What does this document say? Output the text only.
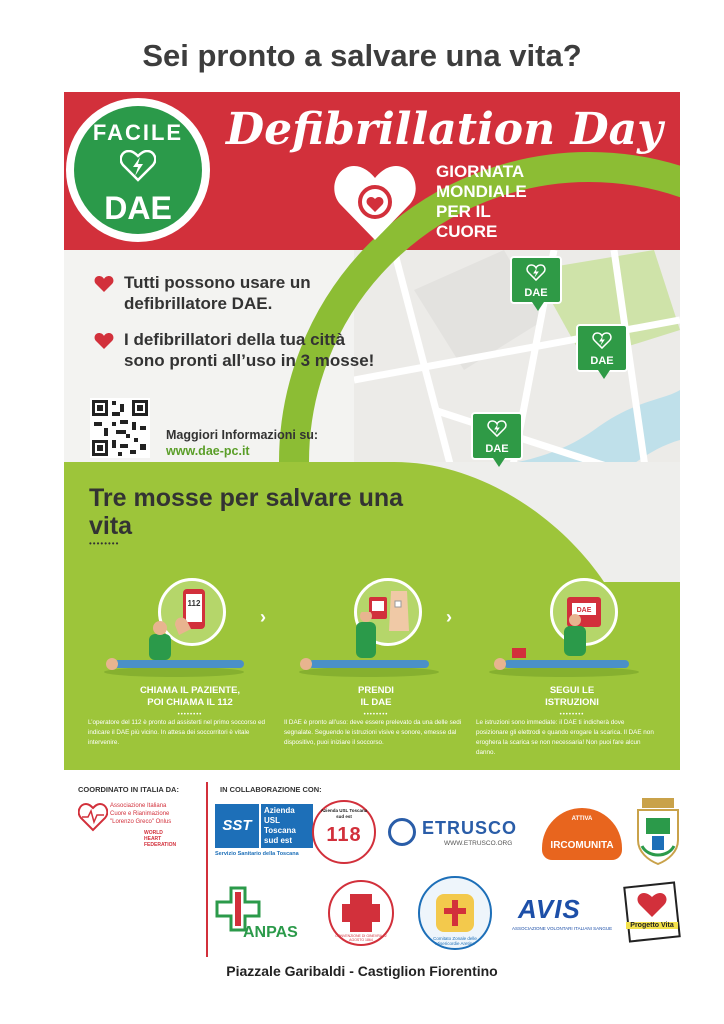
Sei pronto a salvare una vita?
FACILE
DAE
Defibrillation Day
GIORNATA
MONDIALE
PER IL
CUORE
Tutti possono usare un defibrillatore DAE.
I defibrillatori della tua città sono pronti all’uso in 3 mosse!
Maggiori Informazioni su:
www.dae-pc.it
DAE
DAE
DAE
Tre mosse per salvare una vita
••••••••
112
DAE
›	›
CHIAMA IL PAZIENTE,
POI CHIAMA IL 112
••••••••
L’operatore del 112 è pronto ad assisterti nel primo soccorso ed indicare il DAE più vicino. In attesa dei soccorritori è vitale intervenire.
PRENDI
IL DAE
••••••••
Il DAE è pronto all’uso: deve essere prelevato da una delle sedi segnalate. Seguendo le istruzioni visive e sonore, emesse dal dispositivo, puoi iniziare il soccorso.
SEGUI LE
ISTRUZIONI
••••••••
Le istruzioni sono immediate: il DAE ti indicherà dove posizionare gli elettrodi e quando erogare la scarica. Il DAE non eroghera la scarica se non necessaria! Non puoi fare alcun danno.
COORDINATO IN ITALIA DA:	IN COLLABORAZIONE CON:
Associazione Italiana
Cuore e Rianimazione
"Lorenzo Greco" Onlus
WORLD
HEART
FEDERATION
SST
Azienda
USL
Toscana
sud est
Servizio Sanitario della Toscana
Azienda USL Toscana sud est
118	ETRUSCO
WWW.ETRUSCO.ORG
ATTIVA
IRCOMUNITA
ANPAS	CONVENZIONE DI GINEVRA 22 AGOSTO 1864	Comitato Zonale delle Misericordie Aretine
AVIS
ASSOCIAZIONE VOLONTARI ITALIANI SANGUE	Progetto Vita
Piazzale Garibaldi - Castiglion Fiorentino
